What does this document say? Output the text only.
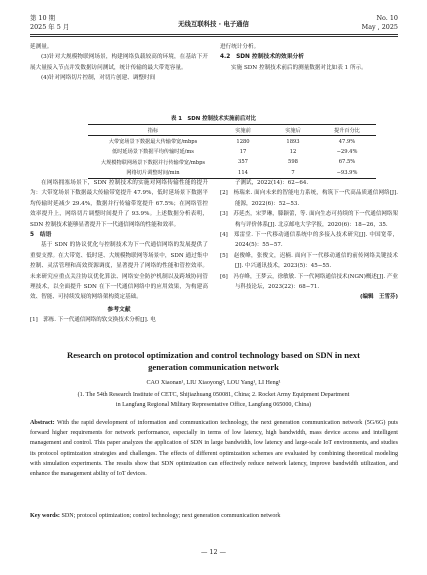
第 10 期
2025 年 5 月	无线互联科技 · 电子通信
No. 10
May , 2025

延测量。

(3)针对大规模物联网场景，构建网络负载较高的环境，在基站下开展大量接入节点并发数据访问测试，统计传输的最大带宽容量。

(4)针对网络切片控制，对切片创建、调整时间

进行统计分析。

4.2　SDN 控制技术的效果分析

实施 SDN 控制技术前后的测量数据对比如表 1 所示。

表 1　SDN 控制技术实施前后对比
指标	实施前	实施后	提升百分比
大带宽场景下数据最大传输带宽/mbps	1280	1893	47.9%
低时延场景下数据平均传输时延/ms	17	12	−29.4%
大规模物联网场景下数据并行传输带宽/mbps	357	598	67.5%
网络切片调整时间/min	114	7	−93.9%

在网络拥塞场景下，SDN 控制技术的实施对网络传输性能的提升为：大带宽场景下数据最大传输带宽提升 47.9%，低时延场景下数据平均传输时延减少 29.4%，数据并行传输带宽提升 67.5%；在网络管控效率提升上，网络切片调整时间提升了 93.9%。上述数据分析表明，SDN 控制技术能够显著提升下一代通信网络的性能和效率。

5　结语

基于 SDN 的协议优化与控制技术为下一代通信网络的发展提供了重要支撑。在大带宽、低时延、大规模物联网等场景中，SDN 通过集中控制、灵活管理和高效资源调度，显著提升了网络的性能和管控效率。未来研究应重点关注协议优化算法、网络安全防护机制以及跨域协同管理技术，以全面提升 SDN 在下一代通信网络中的应用效果，为构建高效、智能、可持续发展的网络架构奠定基础。

参考文献

[1]　郭栋. 下一代通信网络的软交换技术分析[J]. 电

子测试，2022(14)：62−64.

[2]　杨瑞来. 面向未来的智能电力系统，构筑下一代高品质通信网络[J]. 能源，2022(6)：52−53.

[3]　苏延杰，宋罗琳，滕颖蕾，等. 面向生态可持续的下一代通信网络架构与评价体系[J]. 北京邮电大学学报，2020(6)：18−26，35.

[4]　郑雷堂. 下一代移动通信系统中的多接入技术研究[J]. 中国宽带，2024(5)：55−57.

[5]　赵俊峰，张俊文，迟楠. 面向下一代移动通信的前传网络关键技术[J]. 中兴通讯技术，2023(5)：45−55.

[6]　冯存峰，王梦云，徐敏敏. 下一代网络通信技术(NGN)概述[J]. 产业与科技论坛，2023(22)：68−71.

(编辑　王雪芬)

Research on protocol optimization and control technology based on SDN in next generation communication network
CAO Xiaonan¹, LIU Xiaoyong², LOU Yang¹, LI Heng¹
(1. The 54th Research Institute of CETC, Shijiazhuang 050081, China; 2. Rocket Army Equipment Department
in Langfang Regional Military Representative Office, Langfang 065000, China)
Abstract: With the rapid development of information and communication technology, the next generation communication network (5G/6G) puts forward higher requirements for network performance, especially in terms of low latency, high bandwidth, mass device access and intelligent management and control. This paper analyzes the application of SDN in large bandwidth, low latency and large-scale IoT environments, and studies its protocol optimization strategies and challenges. The effects of different optimization schemes are evaluated by combining theoretical modeling with simulation experiments. The results show that SDN optimization can effectively reduce network latency, improve bandwidth utilization, and enhance the management ability of IoT devices.
Key words: SDN; protocol optimization; control technology; next generation communication network
— 12 —
